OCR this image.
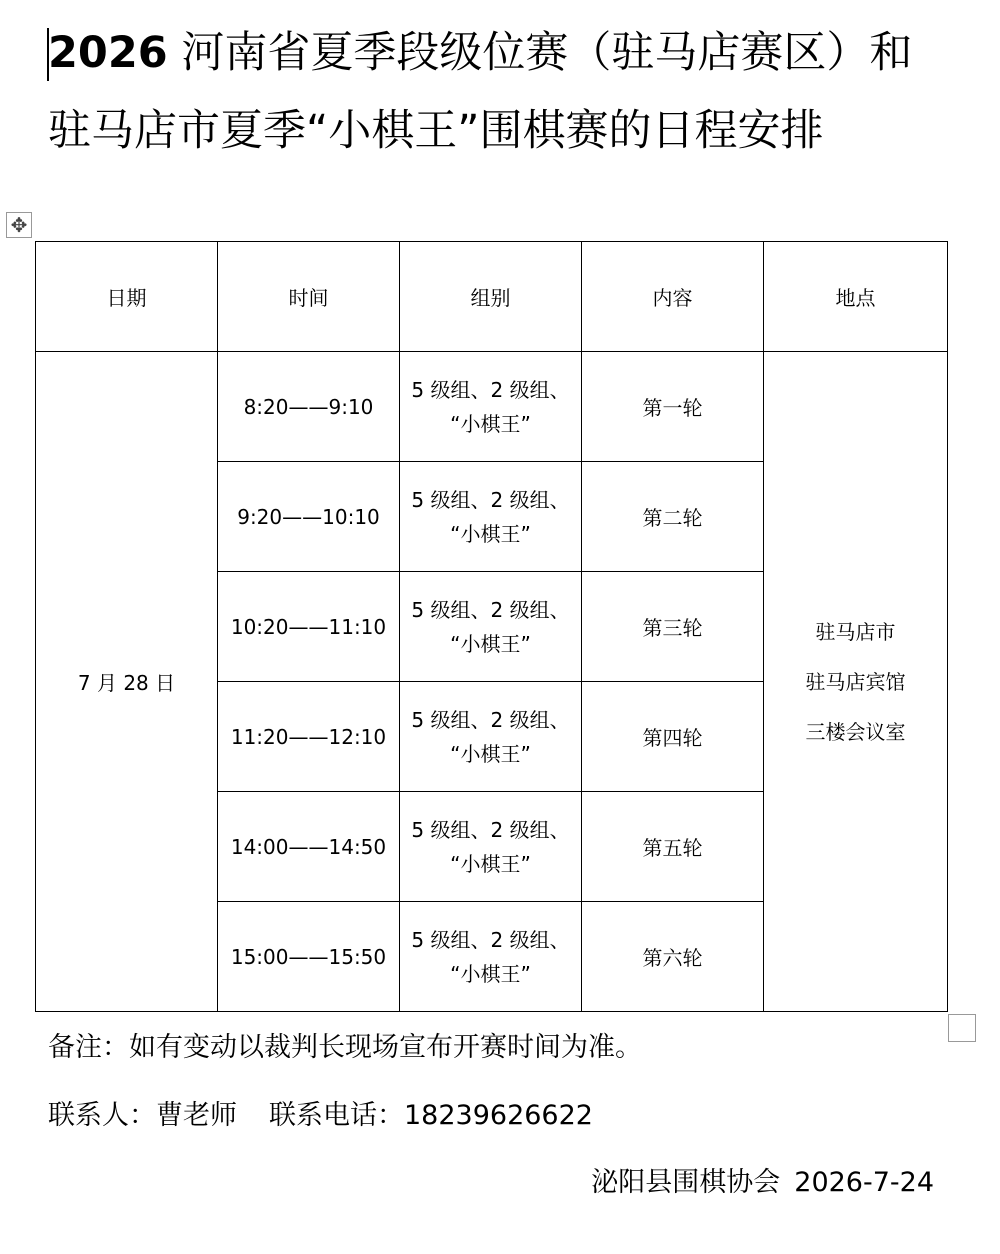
2026 河南省夏季段级位赛（驻马店赛区）和
驻马店市夏季“小棋王”围棋赛的日程安排
✥
日期	时间	组别	内容	地点
7 月 28 日	8:20——9:10	5 级组、2 级组、
“小棋王”	第一轮	驻马店市
驻马店宾馆
三楼会议室

	9:20——10:10	5 级组、2 级组、
“小棋王”	第二轮	
	10:20——11:10	5 级组、2 级组、
“小棋王”	第三轮	
	11:20——12:10	5 级组、2 级组、
“小棋王”	第四轮	
	14:00——14:50	5 级组、2 级组、
“小棋王”	第五轮	
	15:00——15:50	5 级组、2 级组、
“小棋王”	第六轮	

备注：如有变动以裁判长现场宣布开赛时间为准。

联系人：曹老师 联系电话：18239626622

泌阳县围棋协会 2026-7-24
